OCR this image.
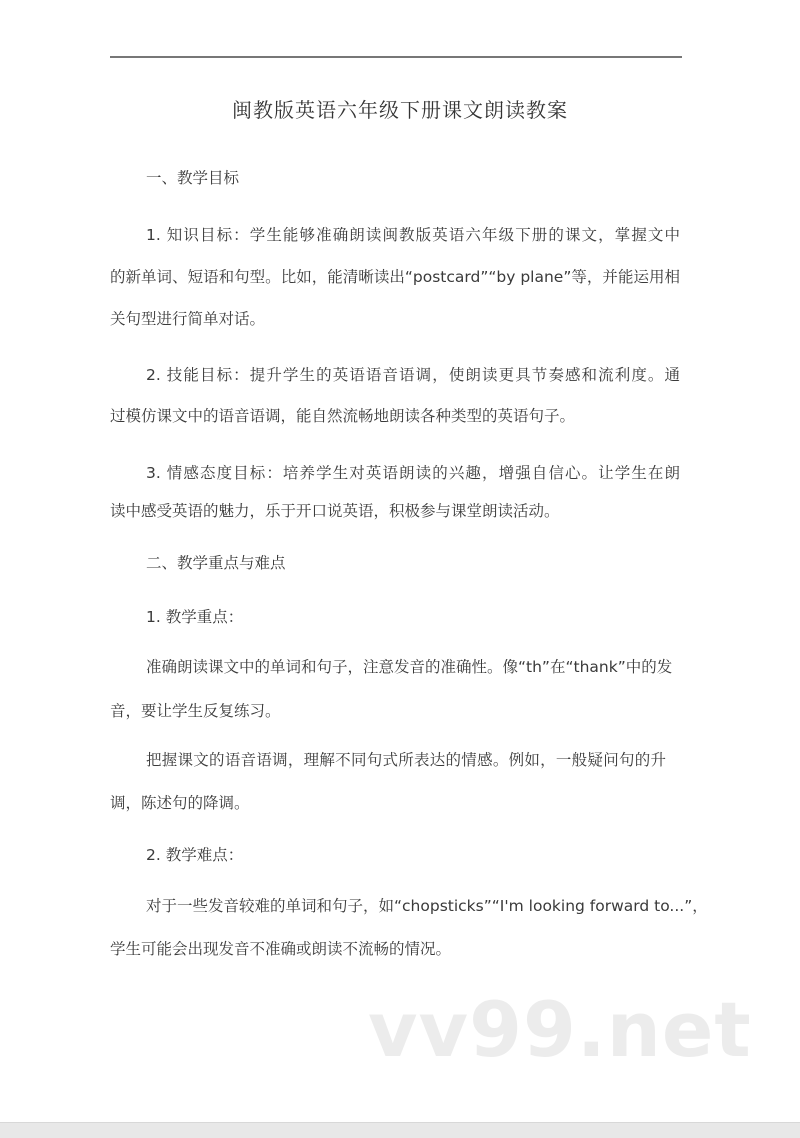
闽教版英语六年级下册课文朗读教案
一、教学目标
1. 知识目标：学生能够准确朗读闽教版英语六年级下册的课文，掌握文中
的新单词、短语和句型。比如，能清晰读出“postcard”“by plane”等，并能运用相
关句型进行简单对话。
2. 技能目标：提升学生的英语语音语调，使朗读更具节奏感和流利度。通
过模仿课文中的语音语调，能自然流畅地朗读各种类型的英语句子。
3. 情感态度目标：培养学生对英语朗读的兴趣，增强自信心。让学生在朗
读中感受英语的魅力，乐于开口说英语，积极参与课堂朗读活动。
二、教学重点与难点
1. 教学重点：
准确朗读课文中的单词和句子，注意发音的准确性。像“th”在“thank”中的发
音，要让学生反复练习。
把握课文的语音语调，理解不同句式所表达的情感。例如，一般疑问句的升
调，陈述句的降调。
2. 教学难点：
对于一些发音较难的单词和句子，如“chopsticks”“I'm looking forward to...”，
学生可能会出现发音不准确或朗读不流畅的情况。
vv99.net
